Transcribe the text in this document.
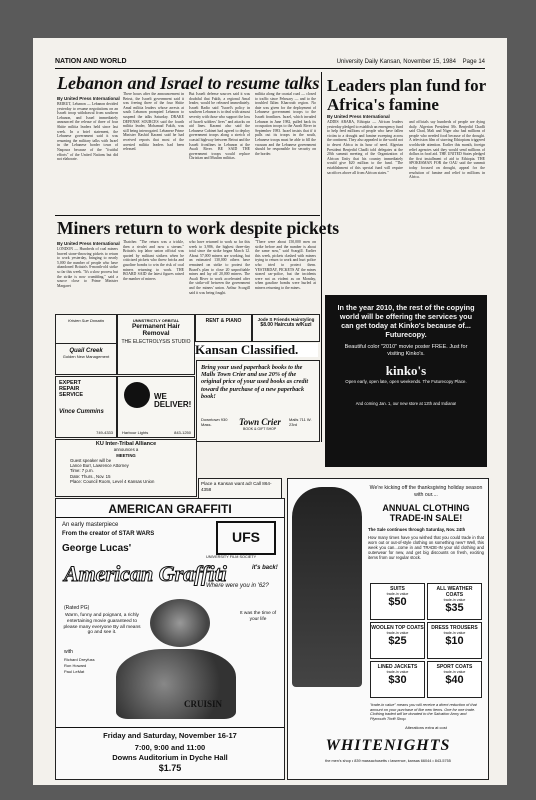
NATION AND WORLD	University Daily Kansan, November 15, 1984 Page 14
Lebanon and Israel to resume talks
By United Press International
BEIRUT, Lebanon — Lebanon decided yesterday to resume negotiations on an Israeli troop withdrawal from southern Lebanon, and Israel immediately announced the release of three of four Shiite militia leaders held since last week. In a brief statement, the Lebanese government said it was resuming the military talks with Israel in the Lebanese border town of Naqoura because of the "fruitful efforts" of the United Nations but did not elaborate.
There hours after the announcement in Beirut, the Israeli government said it was freeing three of the four Shiite Amal militia leaders whose arrests at south Lebanon prompted Lebanon to suspend the talks Saturday. DRAKE DEFENSE SOURCES said the fourth militia leader, Mohamad Fakih, was still being interrogated. Lebanese Prime Minister Rashid Karami said he had received reports that most of the arrested militia leaders had been released.
But Israeli defense sources said it was doubtful that Fakih, a regional Amal leader, would be released immediately. Israeli Radio said "Israel's policy in southern Lebanon is to deal with utmost severity with those who support the loss of Israeli soldiers' lives" and attacks on aid lines. Karami also said the Lebanese Cabinet had agreed to deploy government troops along a stretch of coastal highway between Beirut and the Israeli frontlines in Lebanon at the Awali River. BE SAID THE government troops would replace Christian and Muslim militias.
militia along the coastal road — closed to traffic since February — and to the troubled Iklim Kharroub region. No date was given for the deployment of Lebanese government troops to the Israeli frontlines. Israel, which invaded Lebanon in June 1982, pulled back its occupation troops to the Awali River in September 1983. Israel insists that if it pulls out its troops in the south, Lebanese troops must be able to fill the vacuum and the Lebanese government should be responsible for security on the border.
Leaders plan fund for Africa's famine
By United Press International
ADDIS ABABA, Ethiopia — African leaders yesterday pledged to establish an emergency fund to help feed millions of people who have fallen victim to a drought and famine sweeping across the continent. They also appealed to the world not to desert Africa in its hour of need. Algerian President Benjedid Chadli told delegates at the 20th summit meeting of the Organization of African Unity that his country immediately would give $20 million to the fund. "The establishment of this special fund will require sacrifices above all from African states."
and officials say hundreds of people are dying daily. Algerian President Mr. Benjedid Chadli said Chad, Mali and Niger also had millions of people who needed food because of the drought. A television film of starving Ethiopians triggered worldwide attention. Earlier this month, foreign relief agencies said they would send millions of dollars in food aid. THE UNITED States pledged the first installment of aid to Ethiopia. THE SPOKESMAN FOR the OAU said the summit today focused on drought, appeal for the resolution of famine and relief to millions in Africa.
Miners return to work despite pickets
By United Press International
LONDON — Hundreds of coal miners braved stone-throwing pickets to return to work yesterday, bringing to nearly 5,000 the number of people who have abandoned Britain's 8-month-old strike so far this week. "It's a slow process but the strike is now crumbling," said a source close to Prime Minister Margaret
Thatcher. "The return was a trickle, then a rivulet and now a stream." Britain's top labor union official was quoted by militant strikers when he criticized pickets who threw bricks and gasoline bombs to win the risk of coal miners returning to work. THE BOARD SAID the latest figures raised the number of miners
who have returned to work so far this week to 3,986, the highest three-day total since the strike began March 12. About 57,000 miners are working, but an estimated 130,000 others have remained on strike to protest the Board's plan to close 20 unprofitable mines and lay off 20,000 miners. The Awali River to work accelerated after the strike-off between the government and the miners' union. Arthur Scargill said it was being fought.
"There were about 150,000 men on strike before and the number is about the same now," said Scargill. Earlier this week, pickets clashed with miners trying to return to work and hurt police who tried to protect them. YESTERDAY, PICKETS AT the mines stoned car-police, but the incidents were not as violent as on Monday, when gasoline bombs were hurled at miners returning to the mines.
Kristen Sue Donatta
Quail Creek
Golden New Management
UNNSTRICTLY ORBITAL
Permanent Hair Removal
THE ELECTROLYSIS STUDIO
RENT & PIANO	Jode S Friends Hairstyling
$8.00 Haircuts w/Kuzi
Kansan Classified.
EXPERT REPAIR SERVICE
Vince Cummins
749-4333
WE DELIVER!
Harbour Lights	843-1250
Bring your used paperback books to the Malls Town Crier and use 20% of the original price of your used books as credit toward the purchase of a new paperback book!
Downtown 930 Mass.	Town Crier
BOOK & GIFT SHOP
Malls 711 W. 23rd
KU Inter-Tribal Alliance
announces a
MEETING
Guest speaker will be
Lance Burr, Lawrence Attorney
Time: 7 p.m.
Date: Thurs., Nov. 15
Place: Council Room, Level 4 Kansas Union	Place a Kansan want ad! Call 864-4358
In the year 2010, the rest of the copying world will be offering the services you can get today at Kinko's because of... Futurecopy.
Beautiful color "2010" movie poster FREE. Just for visiting Kinko's.
kinko's
Open early, open late, open weekends. The Futurecopy Place.
And coming Jan. 1, our new store at 12th and Indiana!
AMERICAN GRAFFITI
An early masterpiece
From the creator of STAR WARS
George Lucas'
UFS
UNIVERSITY FILM SOCIETY
American Graffiti	it's back!
Where were you in '62?
(Rated PG)
Warm, funny and poignant, a richly entertaining movie guaranteed to please many everyone By all means go and see it.
with
Richard Dreyfuss
Ron Howard
Paul LeMat
It was the time of your life
CRUISIN
Friday and Saturday, November 16-17
7:00, 9:00 and 11:00
Downs Auditorium in Dyche Hall
$1.75
We're kicking off the thanksgiving holiday season with our....
ANNUAL CLOTHING TRADE-IN SALE!
The Sale continues through Saturday, Nov. 24th
How many times have you wished that you could trade in that worn out or out-of-style clothing on something new? Well, this week you can...come in and TRADE-IN your old clothing and outerwear for new, and get big discounts on fresh, exciting items from our regular stock.
SUITS
trade-in value
$50
ALL WEATHER COATS
trade-in value
$35
WOOLEN TOP COATS
trade-in value
$25
DRESS TROUSERS
trade-in value
$10
LINED JACKETS
trade-in value
$30
SPORT COATS
trade-in value
$40
"trade-in value" means you will receive a direct reduction of that amount on your purchase of like new items. One for one trade. Clothing traded will be donated to the Salvation Army and Plymouth Thrift Shop.
Alterations extra at cost
WHITENIGHTS
the men's shop • 839 massachusetts • lawrence, kansas 66044 • 843-5755
